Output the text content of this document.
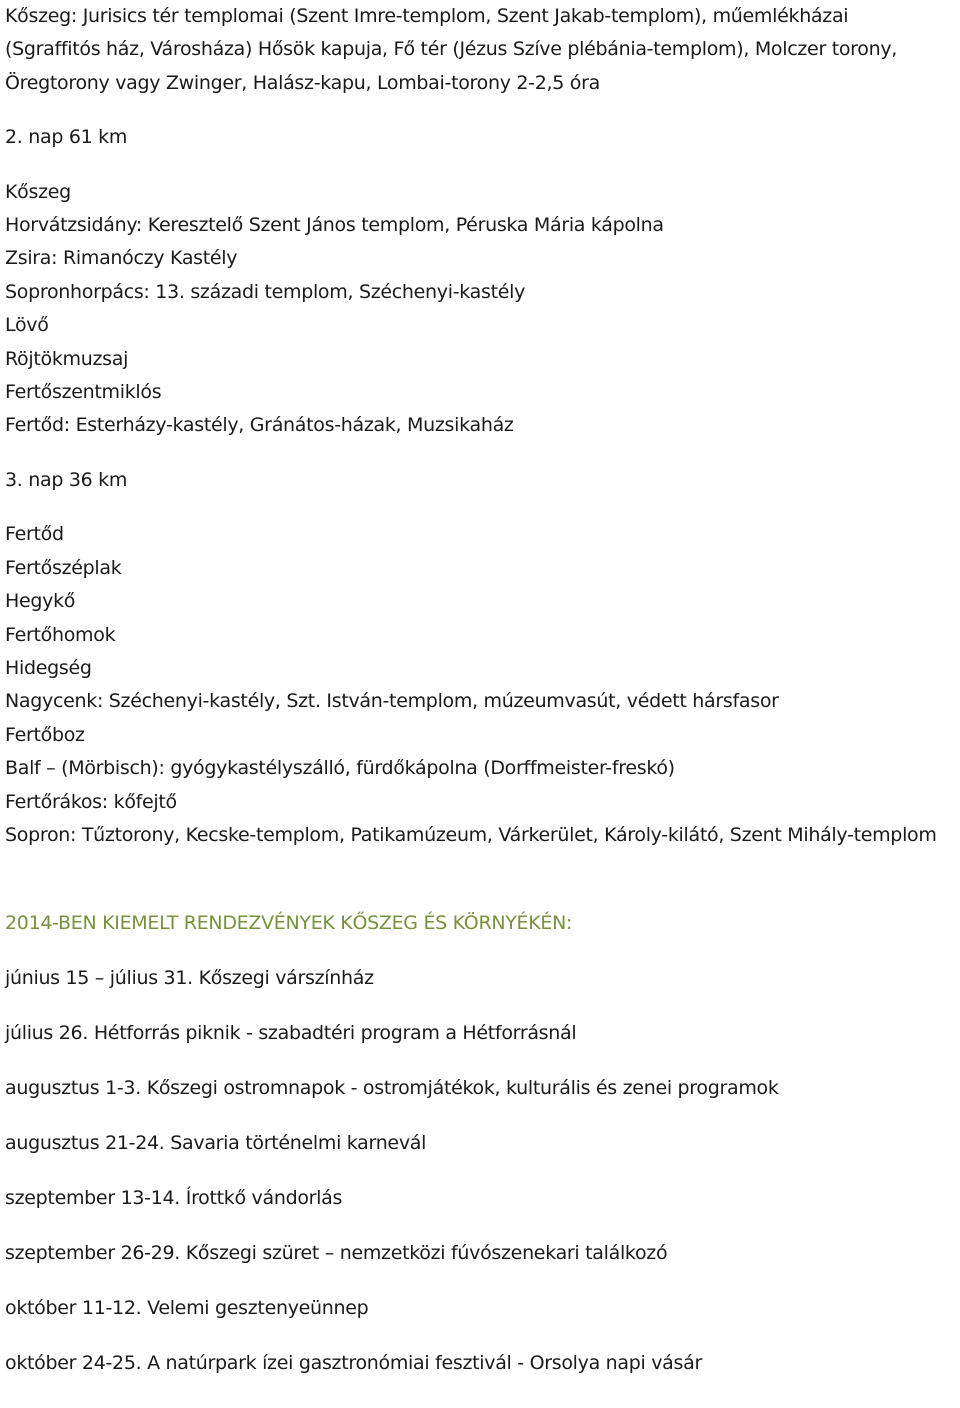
Kőszeg: Jurisics tér templomai (Szent Imre-templom, Szent Jakab-templom), műemlékházai (Sgraffitós ház, Városháza) Hősök kapuja, Fő tér (Jézus Szíve plébánia-templom), Molczer torony, Öregtorony vagy Zwinger, Halász-kapu, Lombai-torony 2-2,5 óra

2. nap 61 km
Kőszeg
Horvátzsidány: Keresztelő Szent János templom, Péruska Mária kápolna
Zsira: Rimanóczy Kastély
Sopronhorpács: 13. századi templom, Széchenyi-kastély
Lövő
Röjtökmuzsaj
Fertőszentmiklós
Fertőd: Esterházy-kastély, Gránátos-házak, Muzsikaház
3. nap 36 km
Fertőd
Fertőszéplak
Hegykő
Fertőhomok
Hidegség
Nagycenk: Széchenyi-kastély, Szt. István-templom, múzeumvasút, védett hársfasor
Fertőboz
Balf – (Mörbisch): gyógykastélyszálló, fürdőkápolna (Dorffmeister-freskó)
Fertőrákos: kőfejtő
Sopron: Tűztorony, Kecske-templom, Patikamúzeum, Várkerület, Károly-kilátó, Szent Mihály-templom
2014-BEN KIEMELT RENDEZVÉNYEK KŐSZEG ÉS KÖRNYÉKÉN:
június 15 – július 31. Kőszegi várszínház
július 26. Hétforrás piknik - szabadtéri program a Hétforrásnál
augusztus 1-3. Kőszegi ostromnapok - ostromjátékok, kulturális és zenei programok
augusztus 21-24. Savaria történelmi karnevál
szeptember 13-14. Írottkő vándorlás
szeptember 26-29. Kőszegi szüret – nemzetközi fúvószenekari találkozó
október 11-12. Velemi gesztenyeünnep
október 24-25. A natúrpark ízei gasztronómiai fesztivál - Orsolya napi vásár
